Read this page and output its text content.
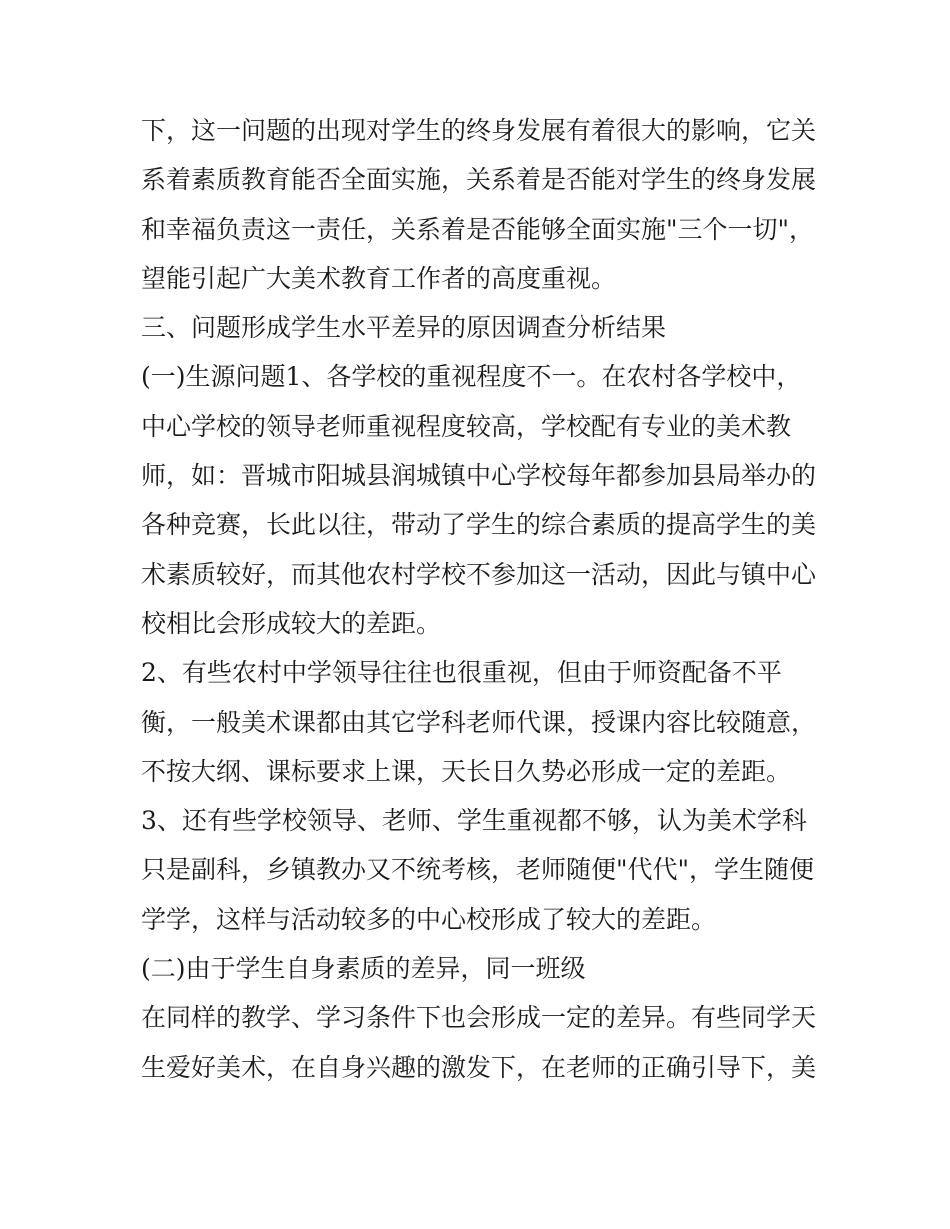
下，这一问题的出现对学生的终身发展有着很大的影响，它关
系着素质教育能否全面实施，关系着是否能对学生的终身发展
和幸福负责这一责任，关系着是否能够全面实施"三个一切"，
望能引起广大美术教育工作者的高度重视。
三、问题形成学生水平差异的原因调查分析结果
(一)生源问题1、各学校的重视程度不一。在农村各学校中，
中心学校的领导老师重视程度较高，学校配有专业的美术教
师，如：晋城市阳城县润城镇中心学校每年都参加县局举办的
各种竞赛，长此以往，带动了学生的综合素质的提高学生的美
术素质较好，而其他农村学校不参加这一活动，因此与镇中心
校相比会形成较大的差距。
2、有些农村中学领导往往也很重视，但由于师资配备不平
衡，一般美术课都由其它学科老师代课，授课内容比较随意，
不按大纲、课标要求上课，天长日久势必形成一定的差距。
3、还有些学校领导、老师、学生重视都不够，认为美术学科
只是副科，乡镇教办又不统考核，老师随便"代代"，学生随便
学学，这样与活动较多的中心校形成了较大的差距。
(二)由于学生自身素质的差异，同一班级
在同样的教学、学习条件下也会形成一定的差异。有些同学天
生爱好美术，在自身兴趣的激发下，在老师的正确引导下，美
